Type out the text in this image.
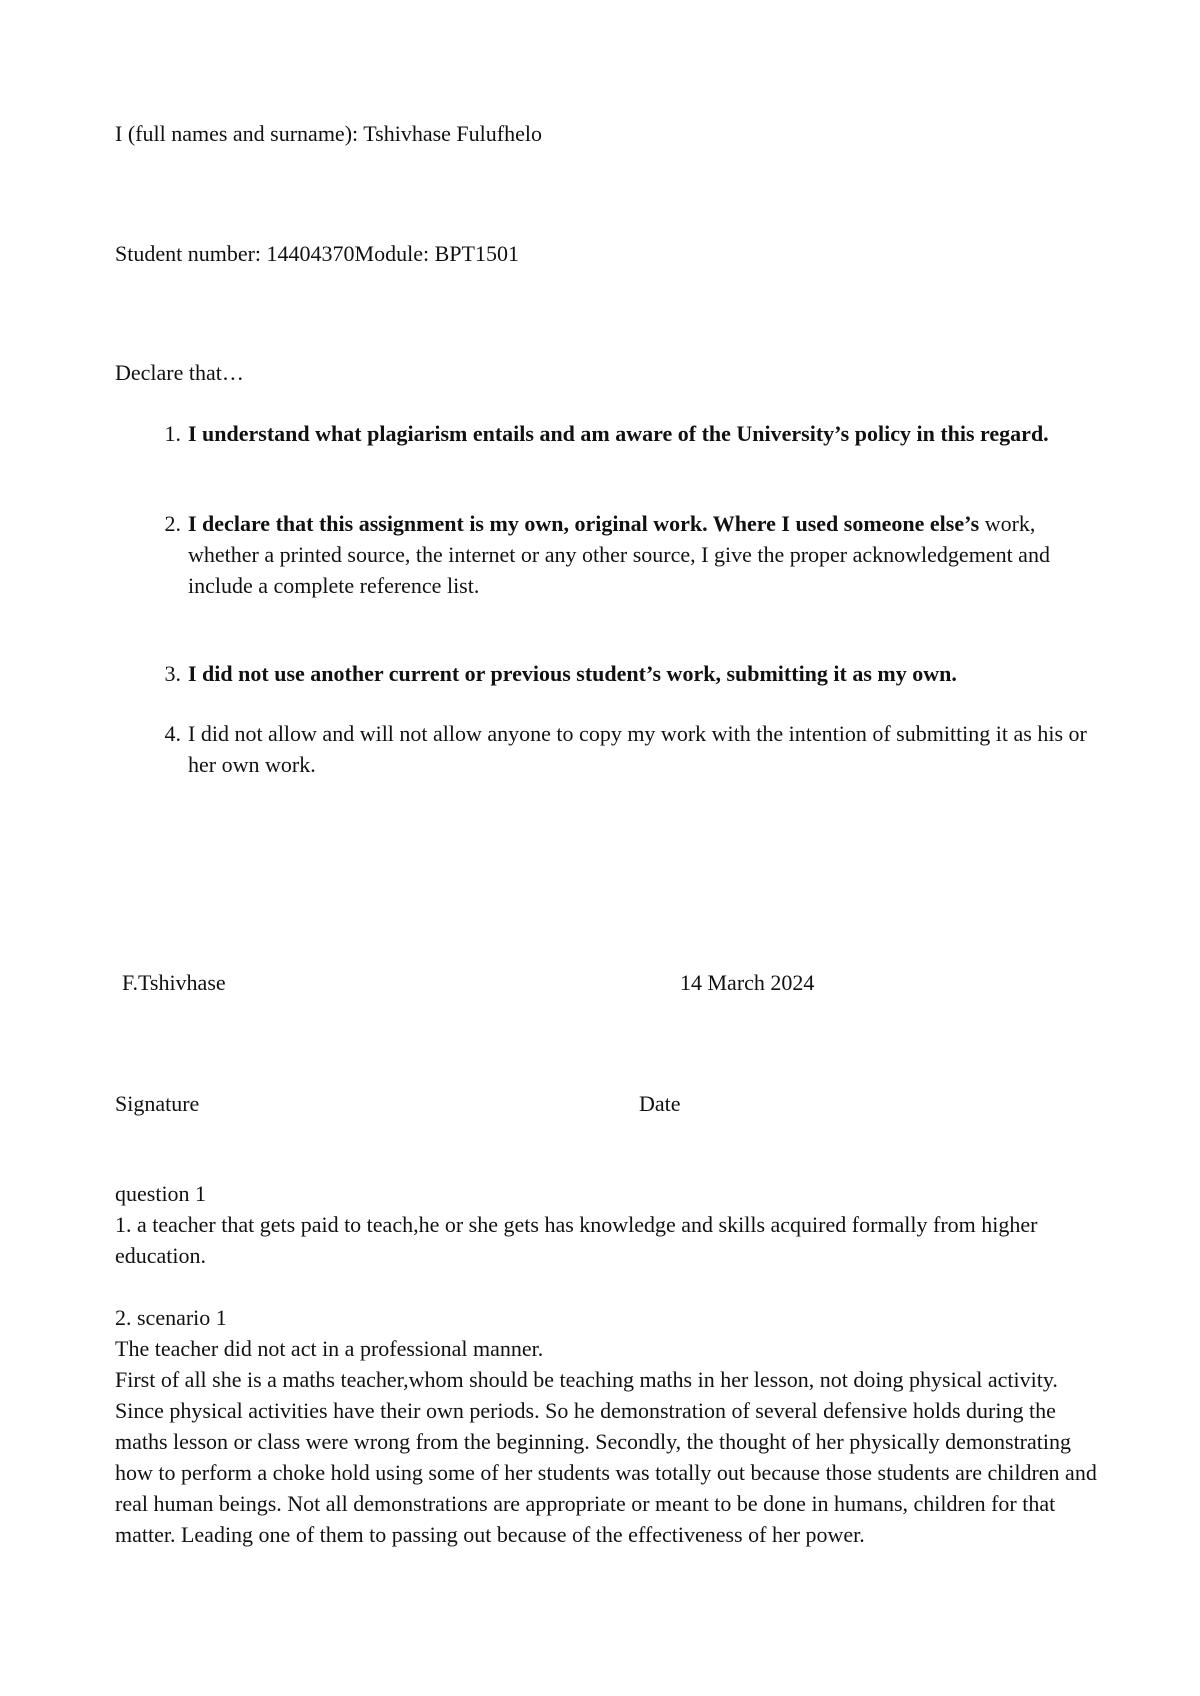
I (full names and surname): Tshivhase Fulufhelo
Student number: 14404370Module: BPT1501
Declare that…
1. I understand what plagiarism entails and am aware of the University’s policy in this regard.
2. I declare that this assignment is my own, original work. Where I used someone else’s work, whether a printed source, the internet or any other source, I give the proper acknowledgement and include a complete reference list.
3. I did not use another current or previous student’s work, submitting it as my own.
4. I did not allow and will not allow anyone to copy my work with the intention of submitting it as his or her own work.
F.Tshivhase	14 March 2024
Signature	Date

question 1

1. a teacher that gets paid to teach,he or she gets has knowledge and skills acquired formally from higher education.

2. scenario 1

The teacher did not act in a professional manner.

First of all she is a maths teacher,whom should be teaching maths in her lesson, not doing physical activity. Since physical activities have their own periods. So he demonstration of several defensive holds during the maths lesson or class were wrong from the beginning. Secondly, the thought of her physically demonstrating how to perform a choke hold using some of her students was totally out because those students are children and real human beings. Not all demonstrations are appropriate or meant to be done in humans, children for that matter. Leading one of them to passing out because of the effectiveness of her power.
